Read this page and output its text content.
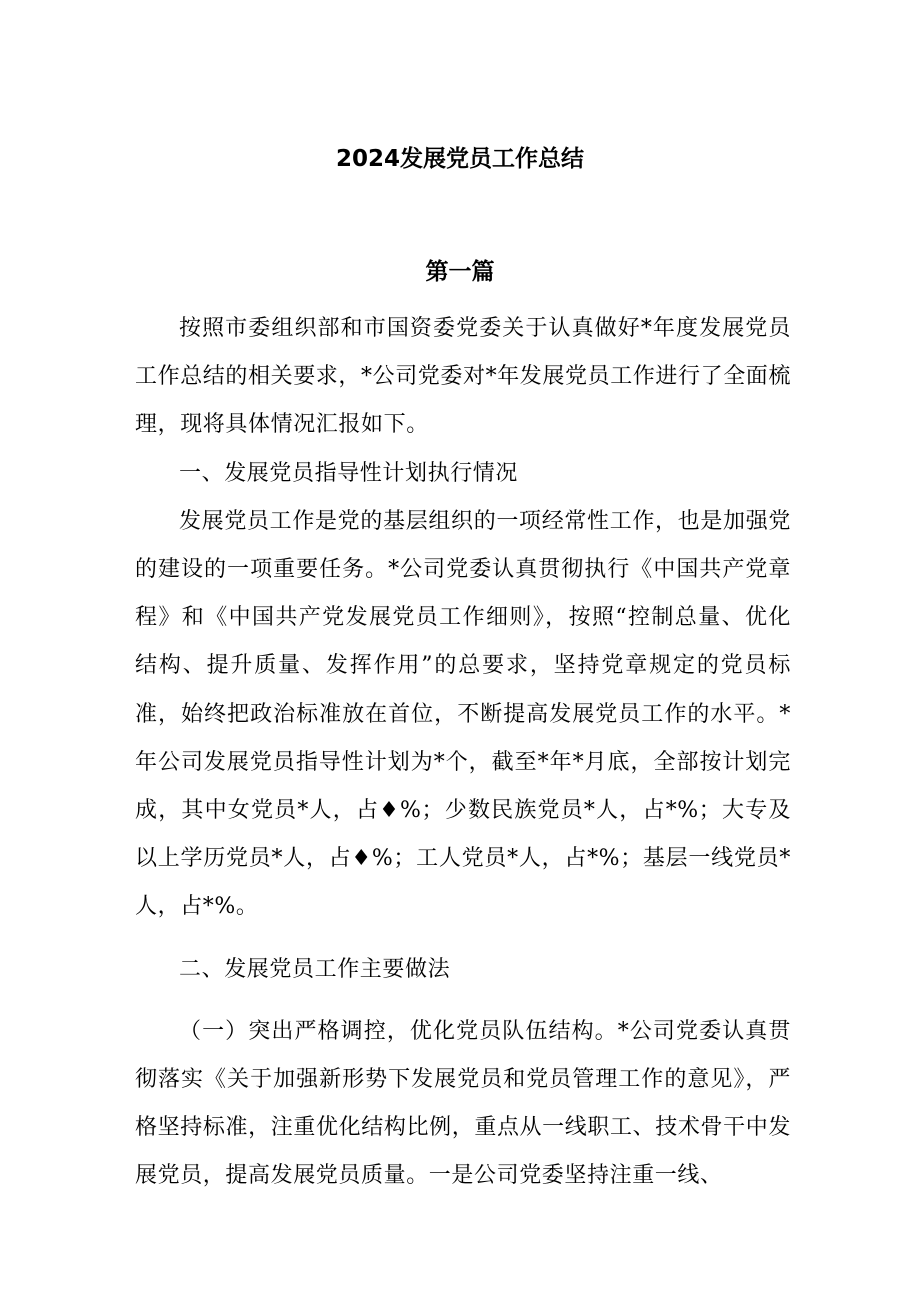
2024发展党员工作总结
第一篇

按照市委组织部和市国资委党委关于认真做好*年度发展党员工作总结的相关要求，*公司党委对*年发展党员工作进行了全面梳理，现将具体情况汇报如下。

一、发展党员指导性计划执行情况

发展党员工作是党的基层组织的一项经常性工作，也是加强党的建设的一项重要任务。*公司党委认真贯彻执行《中国共产党章程》和《中国共产党发展党员工作细则》，按照“控制总量、优化结构、提升质量、发挥作用”的总要求，坚持党章规定的党员标准，始终把政治标准放在首位，不断提高发展党员工作的水平。*年公司发展党员指导性计划为*个，截至*年*月底，全部按计划完成，其中女党员*人，占♦%；少数民族党员*人，占*%；大专及以上学历党员*人，占♦%；工人党员*人，占*%；基层一线党员*人，占*%。

二、发展党员工作主要做法

（一）突出严格调控，优化党员队伍结构。*公司党委认真贯彻落实《关于加强新形势下发展党员和党员管理工作的意见》，严格坚持标准，注重优化结构比例，重点从一线职工、技术骨干中发展党员，提高发展党员质量。一是公司党委坚持注重一线、
